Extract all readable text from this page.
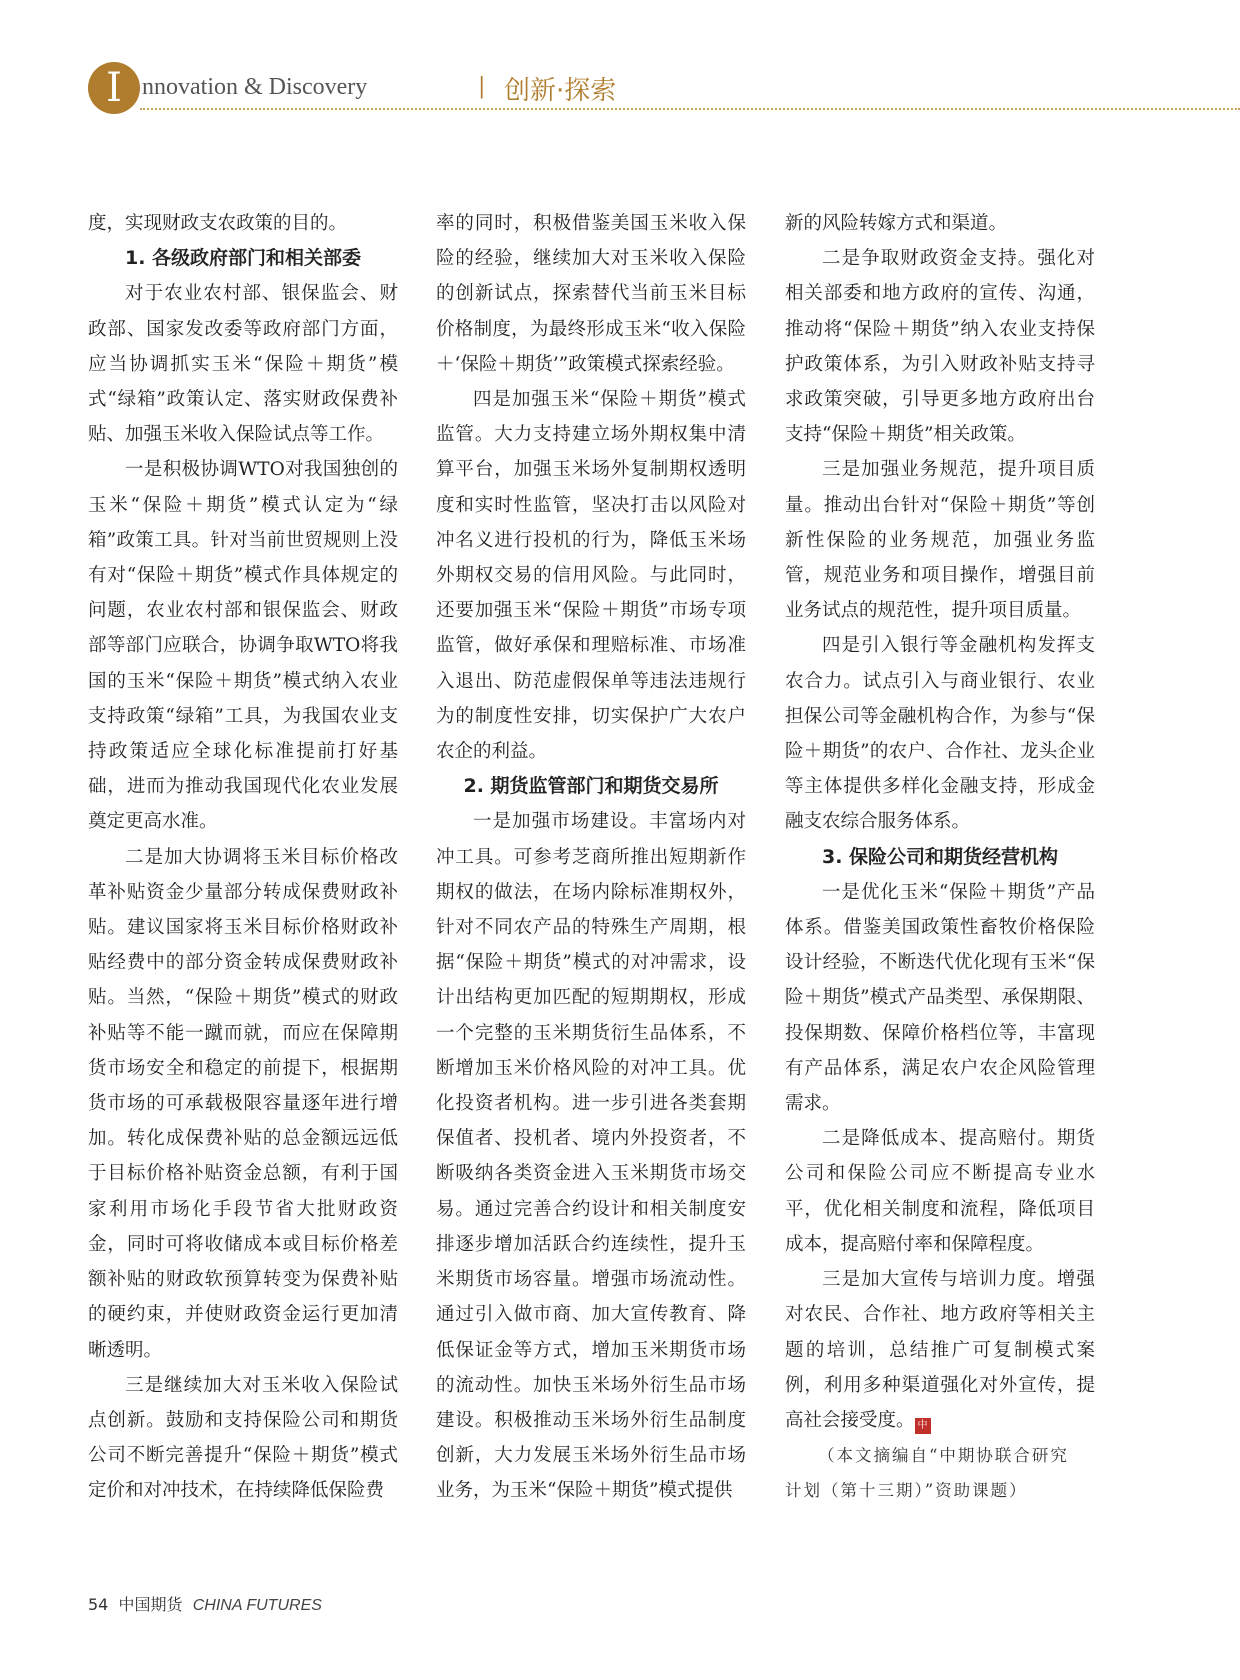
I nnovation & Discovery	| 创新·探索

度，实现财政支农政策的目的。

1. 各级政府部门和相关部委

对于农业农村部、银保监会、财政部、国家发改委等政府部门方面，应当协调抓实玉米“保险＋期货”模式“绿箱”政策认定、落实财政保费补贴、加强玉米收入保险试点等工作。

一是积极协调WTO对我国独创的玉米“保险＋期货”模式认定为“绿箱”政策工具。针对当前世贸规则上没有对“保险＋期货”模式作具体规定的问题，农业农村部和银保监会、财政部等部门应联合，协调争取WTO将我国的玉米“保险＋期货”模式纳入农业支持政策“绿箱”工具，为我国农业支持政策适应全球化标准提前打好基础，进而为推动我国现代化农业发展奠定更高水准。

二是加大协调将玉米目标价格改革补贴资金少量部分转成保费财政补贴。建议国家将玉米目标价格财政补贴经费中的部分资金转成保费财政补贴。当然，“保险＋期货”模式的财政补贴等不能一蹴而就，而应在保障期货市场安全和稳定的前提下，根据期货市场的可承载极限容量逐年进行增加。转化成保费补贴的总金额远远低于目标价格补贴资金总额，有利于国家利用市场化手段节省大批财政资金，同时可将收储成本或目标价格差额补贴的财政软预算转变为保费补贴的硬约束，并使财政资金运行更加清晰透明。

三是继续加大对玉米收入保险试点创新。鼓励和支持保险公司和期货公司不断完善提升“保险＋期货”模式定价和对冲技术，在持续降低保险费

率的同时，积极借鉴美国玉米收入保险的经验，继续加大对玉米收入保险的创新试点，探索替代当前玉米目标价格制度，为最终形成玉米“收入保险＋‘保险＋期货’”政策模式探索经验。

四是加强玉米“保险＋期货”模式监管。大力支持建立场外期权集中清算平台，加强玉米场外复制期权透明度和实时性监管，坚决打击以风险对冲名义进行投机的行为，降低玉米场外期权交易的信用风险。与此同时，还要加强玉米“保险＋期货”市场专项监管，做好承保和理赔标准、市场准入退出、防范虚假保单等违法违规行为的制度性安排，切实保护广大农户农企的利益。

2. 期货监管部门和期货交易所

一是加强市场建设。丰富场内对冲工具。可参考芝商所推出短期新作期权的做法，在场内除标准期权外，针对不同农产品的特殊生产周期，根据“保险＋期货”模式的对冲需求，设计出结构更加匹配的短期期权，形成一个完整的玉米期货衍生品体系，不断增加玉米价格风险的对冲工具。优化投资者机构。进一步引进各类套期保值者、投机者、境内外投资者，不断吸纳各类资金进入玉米期货市场交易。通过完善合约设计和相关制度安排逐步增加活跃合约连续性，提升玉米期货市场容量。增强市场流动性。通过引入做市商、加大宣传教育、降低保证金等方式，增加玉米期货市场的流动性。加快玉米场外衍生品市场建设。积极推动玉米场外衍生品制度创新，大力发展玉米场外衍生品市场业务，为玉米“保险＋期货”模式提供

新的风险转嫁方式和渠道。

二是争取财政资金支持。强化对相关部委和地方政府的宣传、沟通，推动将“保险＋期货”纳入农业支持保护政策体系，为引入财政补贴支持寻求政策突破，引导更多地方政府出台支持“保险＋期货”相关政策。

三是加强业务规范，提升项目质量。推动出台针对“保险＋期货”等创新性保险的业务规范，加强业务监管，规范业务和项目操作，增强目前业务试点的规范性，提升项目质量。

四是引入银行等金融机构发挥支农合力。试点引入与商业银行、农业担保公司等金融机构合作，为参与“保险＋期货”的农户、合作社、龙头企业等主体提供多样化金融支持，形成金融支农综合服务体系。

3. 保险公司和期货经营机构

一是优化玉米“保险＋期货”产品体系。借鉴美国政策性畜牧价格保险设计经验，不断迭代优化现有玉米“保险＋期货”模式产品类型、承保期限、投保期数、保障价格档位等，丰富现有产品体系，满足农户农企风险管理需求。

二是降低成本、提高赔付。期货公司和保险公司应不断提高专业水平，优化相关制度和流程，降低项目成本，提高赔付率和保障程度。

三是加大宣传与培训力度。增强对农民、合作社、地方政府等相关主题的培训，总结推广可复制模式案例，利用多种渠道强化对外宣传，提高社会接受度。 中

（本文摘编自“中期协联合研究
计划（第十三期）”资助课题）

54 中国期货 CHINA FUTURES
